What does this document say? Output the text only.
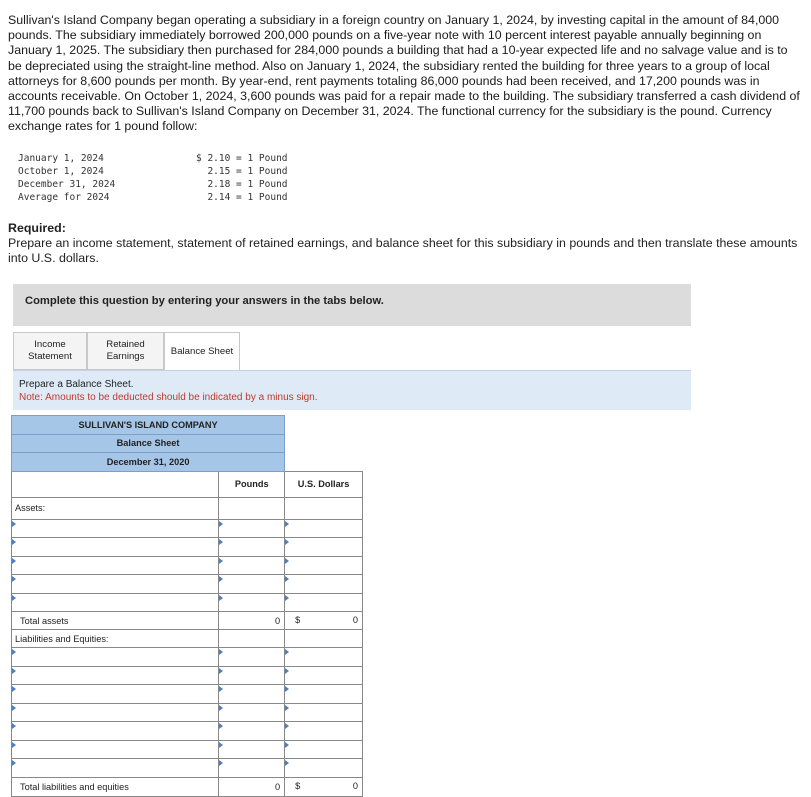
Sullivan's Island Company began operating a subsidiary in a foreign country on January 1, 2024, by investing capital in the amount of 84,000 pounds. The subsidiary immediately borrowed 200,000 pounds on a five-year note with 10 percent interest payable annually beginning on January 1, 2025. The subsidiary then purchased for 284,000 pounds a building that had a 10-year expected life and no salvage value and is to be depreciated using the straight-line method. Also on January 1, 2024, the subsidiary rented the building for three years to a group of local attorneys for 8,600 pounds per month. By year-end, rent payments totaling 86,000 pounds had been received, and 17,200 pounds was in accounts receivable. On October 1, 2024, 3,600 pounds was paid for a repair made to the building. The subsidiary transferred a cash dividend of 11,700 pounds back to Sullivan's Island Company on December 31, 2024. The functional currency for the subsidiary is the pound. Currency exchange rates for 1 pound follow:

January 1, 2024	$ 2.10 = 1 Pound
October 1, 2024	2.15 = 1 Pound
December 31, 2024	2.18 = 1 Pound
Average for 2024	2.14 = 1 Pound
Required:
Prepare an income statement, statement of retained earnings, and balance sheet for this subsidiary in pounds and then translate these amounts into U.S. dollars.
Complete this question by entering your answers in the tabs below.
Income Statement
Retained Earnings	Balance Sheet
Prepare a Balance Sheet.
Note: Amounts to be deducted should be indicated by a minus sign.
SULLIVAN'S ISLAND COMPANY		
Balance Sheet		
December 31, 2020		
	Pounds	U.S. Dollars
Assets:		

Total assets	0	$ 0

Liabilities and Equities:		

Total liabilities and equities	0	$ 0
